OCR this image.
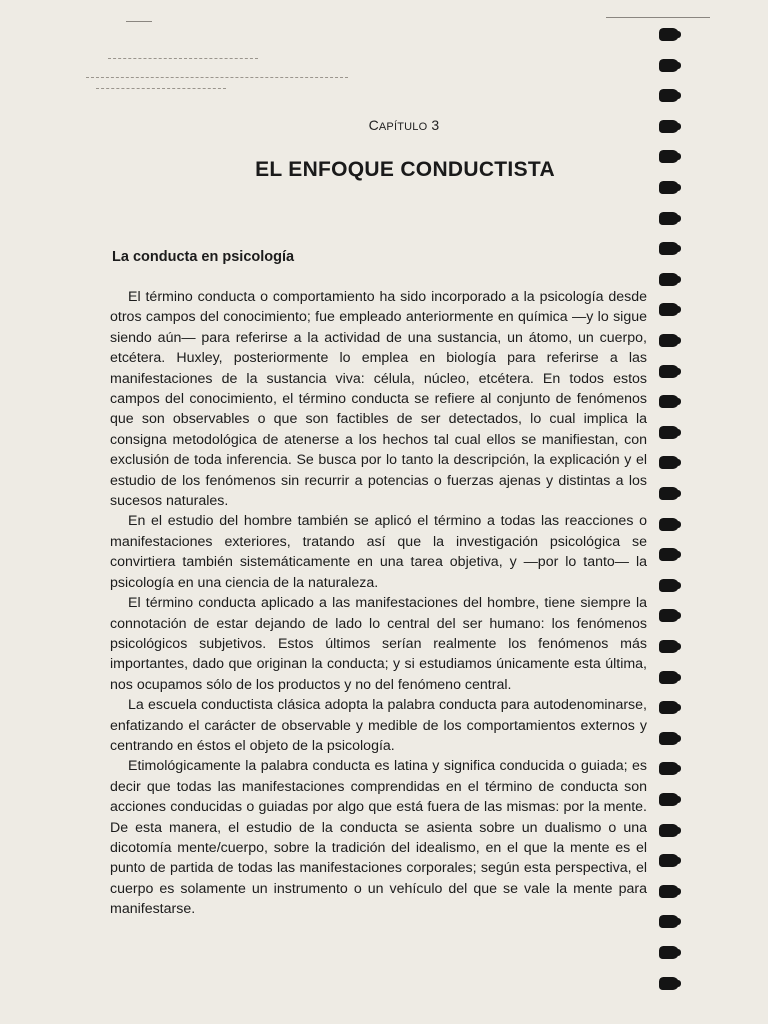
CAPÍTULO 3
EL ENFOQUE CONDUCTISTA
La conducta en psicología

El término conducta o comportamiento ha sido incorporado a la psicología desde otros campos del conocimiento; fue empleado anteriormente en química —y lo sigue siendo aún— para referirse a la actividad de una sustancia, un átomo, un cuerpo, etcétera. Huxley, posteriormente lo emplea en biología para referirse a las manifestaciones de la sustancia viva: célula, núcleo, etcétera. En todos estos campos del conocimiento, el término conducta se refiere al conjunto de fenómenos que son observables o que son factibles de ser detectados, lo cual implica la consigna metodológica de atenerse a los hechos tal cual ellos se manifiestan, con exclusión de toda inferencia. Se busca por lo tanto la descripción, la explicación y el estudio de los fenómenos sin recurrir a potencias o fuerzas ajenas y distintas a los sucesos naturales.

En el estudio del hombre también se aplicó el término a todas las reacciones o manifestaciones exteriores, tratando así que la investigación psicológica se convirtiera también sistemáticamente en una tarea objetiva, y —por lo tanto— la psicología en una ciencia de la naturaleza.

El término conducta aplicado a las manifestaciones del hombre, tiene siempre la connotación de estar dejando de lado lo central del ser humano: los fenómenos psicológicos subjetivos. Estos últimos serían realmente los fenómenos más importantes, dado que originan la conducta; y si estudiamos únicamente esta última, nos ocupamos sólo de los productos y no del fenómeno central.

La escuela conductista clásica adopta la palabra conducta para autodenominarse, enfatizando el carácter de observable y medible de los comportamientos externos y centrando en éstos el objeto de la psicología.

Etimológicamente la palabra conducta es latina y significa conducida o guiada; es decir que todas las manifestaciones comprendidas en el término de conducta son acciones conducidas o guiadas por algo que está fuera de las mismas: por la mente. De esta manera, el estudio de la conducta se asienta sobre un dualismo o una dicotomía mente/cuerpo, sobre la tradición del idealismo, en el que la mente es el punto de partida de todas las manifestaciones corporales; según esta perspectiva, el cuerpo es solamente un instrumento o un vehículo del que se vale la mente para manifestarse.
